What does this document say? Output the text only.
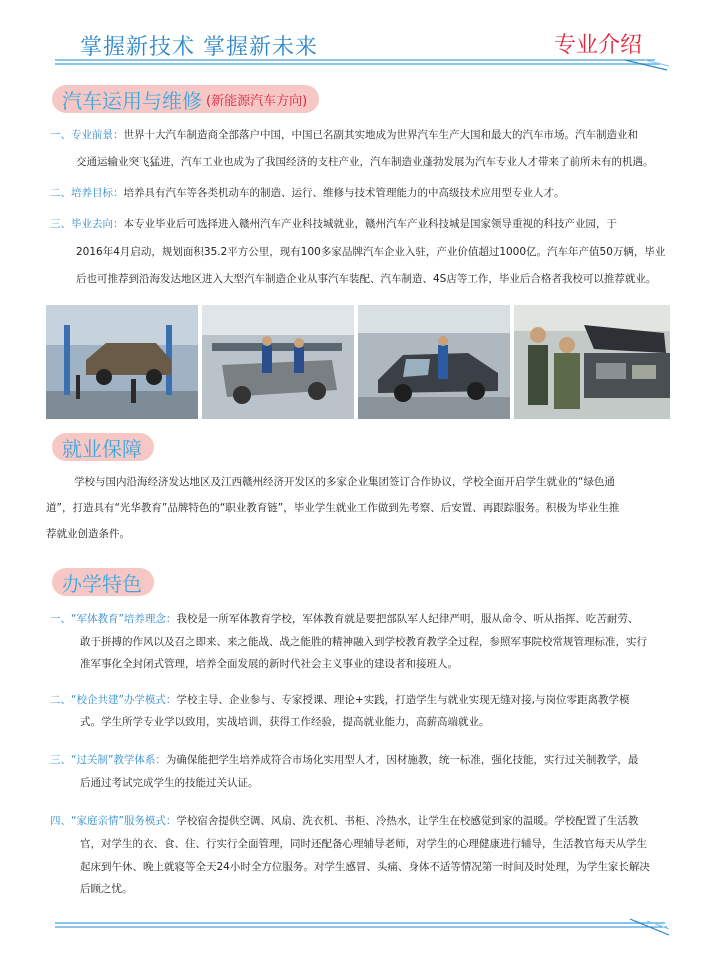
掌握新技术 掌握新未来	专业介绍
汽车运用与维修 (新能源汽车方向)
一、专业前景：世界十大汽车制造商全部落户中国，中国已名副其实地成为世界汽车生产大国和最大的汽车市场。汽车制造业和
交通运输业突飞猛进，汽车工业也成为了我国经济的支柱产业，汽车制造业蓬勃发展为汽车专业人才带来了前所未有的机遇。
二、培养目标：培养具有汽车等各类机动车的制造、运行、维修与技术管理能力的中高级技术应用型专业人才。
三、毕业去向：本专业毕业后可选择进入赣州汽车产业科技城就业，赣州汽车产业科技城是国家领导重视的科技产业园，于
2016年4月启动，规划面积35.2平方公里，现有100多家品牌汽车企业入驻，产业价值超过1000亿。汽车年产值50万辆，毕业
后也可推荐到沿海发达地区进入大型汽车制造企业从事汽车装配、汽车制造、4S店等工作，毕业后合格者我校可以推荐就业。
就业保障
学校与国内沿海经济发达地区及江西赣州经济开发区的多家企业集团签订合作协议，学校全面开启学生就业的“绿色通
道”，打造具有“光华教育”品牌特色的“职业教育链”，毕业学生就业工作做到先考察、后安置、再跟踪服务。积极为毕业生推
荐就业创造条件。
办学特色
一、“军体教育”培养理念：我校是一所军体教育学校，军体教育就是要把部队军人纪律严明，服从命令、听从指挥、吃苦耐劳、
敢于拼搏的作风以及召之即来、来之能战、战之能胜的精神融入到学校教育教学全过程，参照军事院校常规管理标准，实行
准军事化全封闭式管理，培养全面发展的新时代社会主义事业的建设者和接班人。
二、“校企共建”办学模式：学校主导、企业参与、专家授课、理论+实践，打造学生与就业实现无缝对接,与岗位零距离教学模
式。学生所学专业学以致用，实战培训，获得工作经验，提高就业能力，高薪高端就业。
三、“过关制”教学体系：为确保能把学生培养成符合市场化实用型人才，因材施教，统一标准，强化技能，实行过关制教学，最
后通过考试完成学生的技能过关认证。
四、“家庭亲情”服务模式：学校宿舍提供空调、风扇、洗衣机、书柜、冷热水，让学生在校感觉到家的温暖。学校配置了生活教
官，对学生的衣、食、住、行实行全面管理，同时还配备心理辅导老师，对学生的心理健康进行辅导，生活教官每天从学生
起床到午休、晚上就寝等全天24小时全方位服务。对学生感冒、头痛、身体不适等情况第一时间及时处理，为学生家长解决
后顾之忧。
